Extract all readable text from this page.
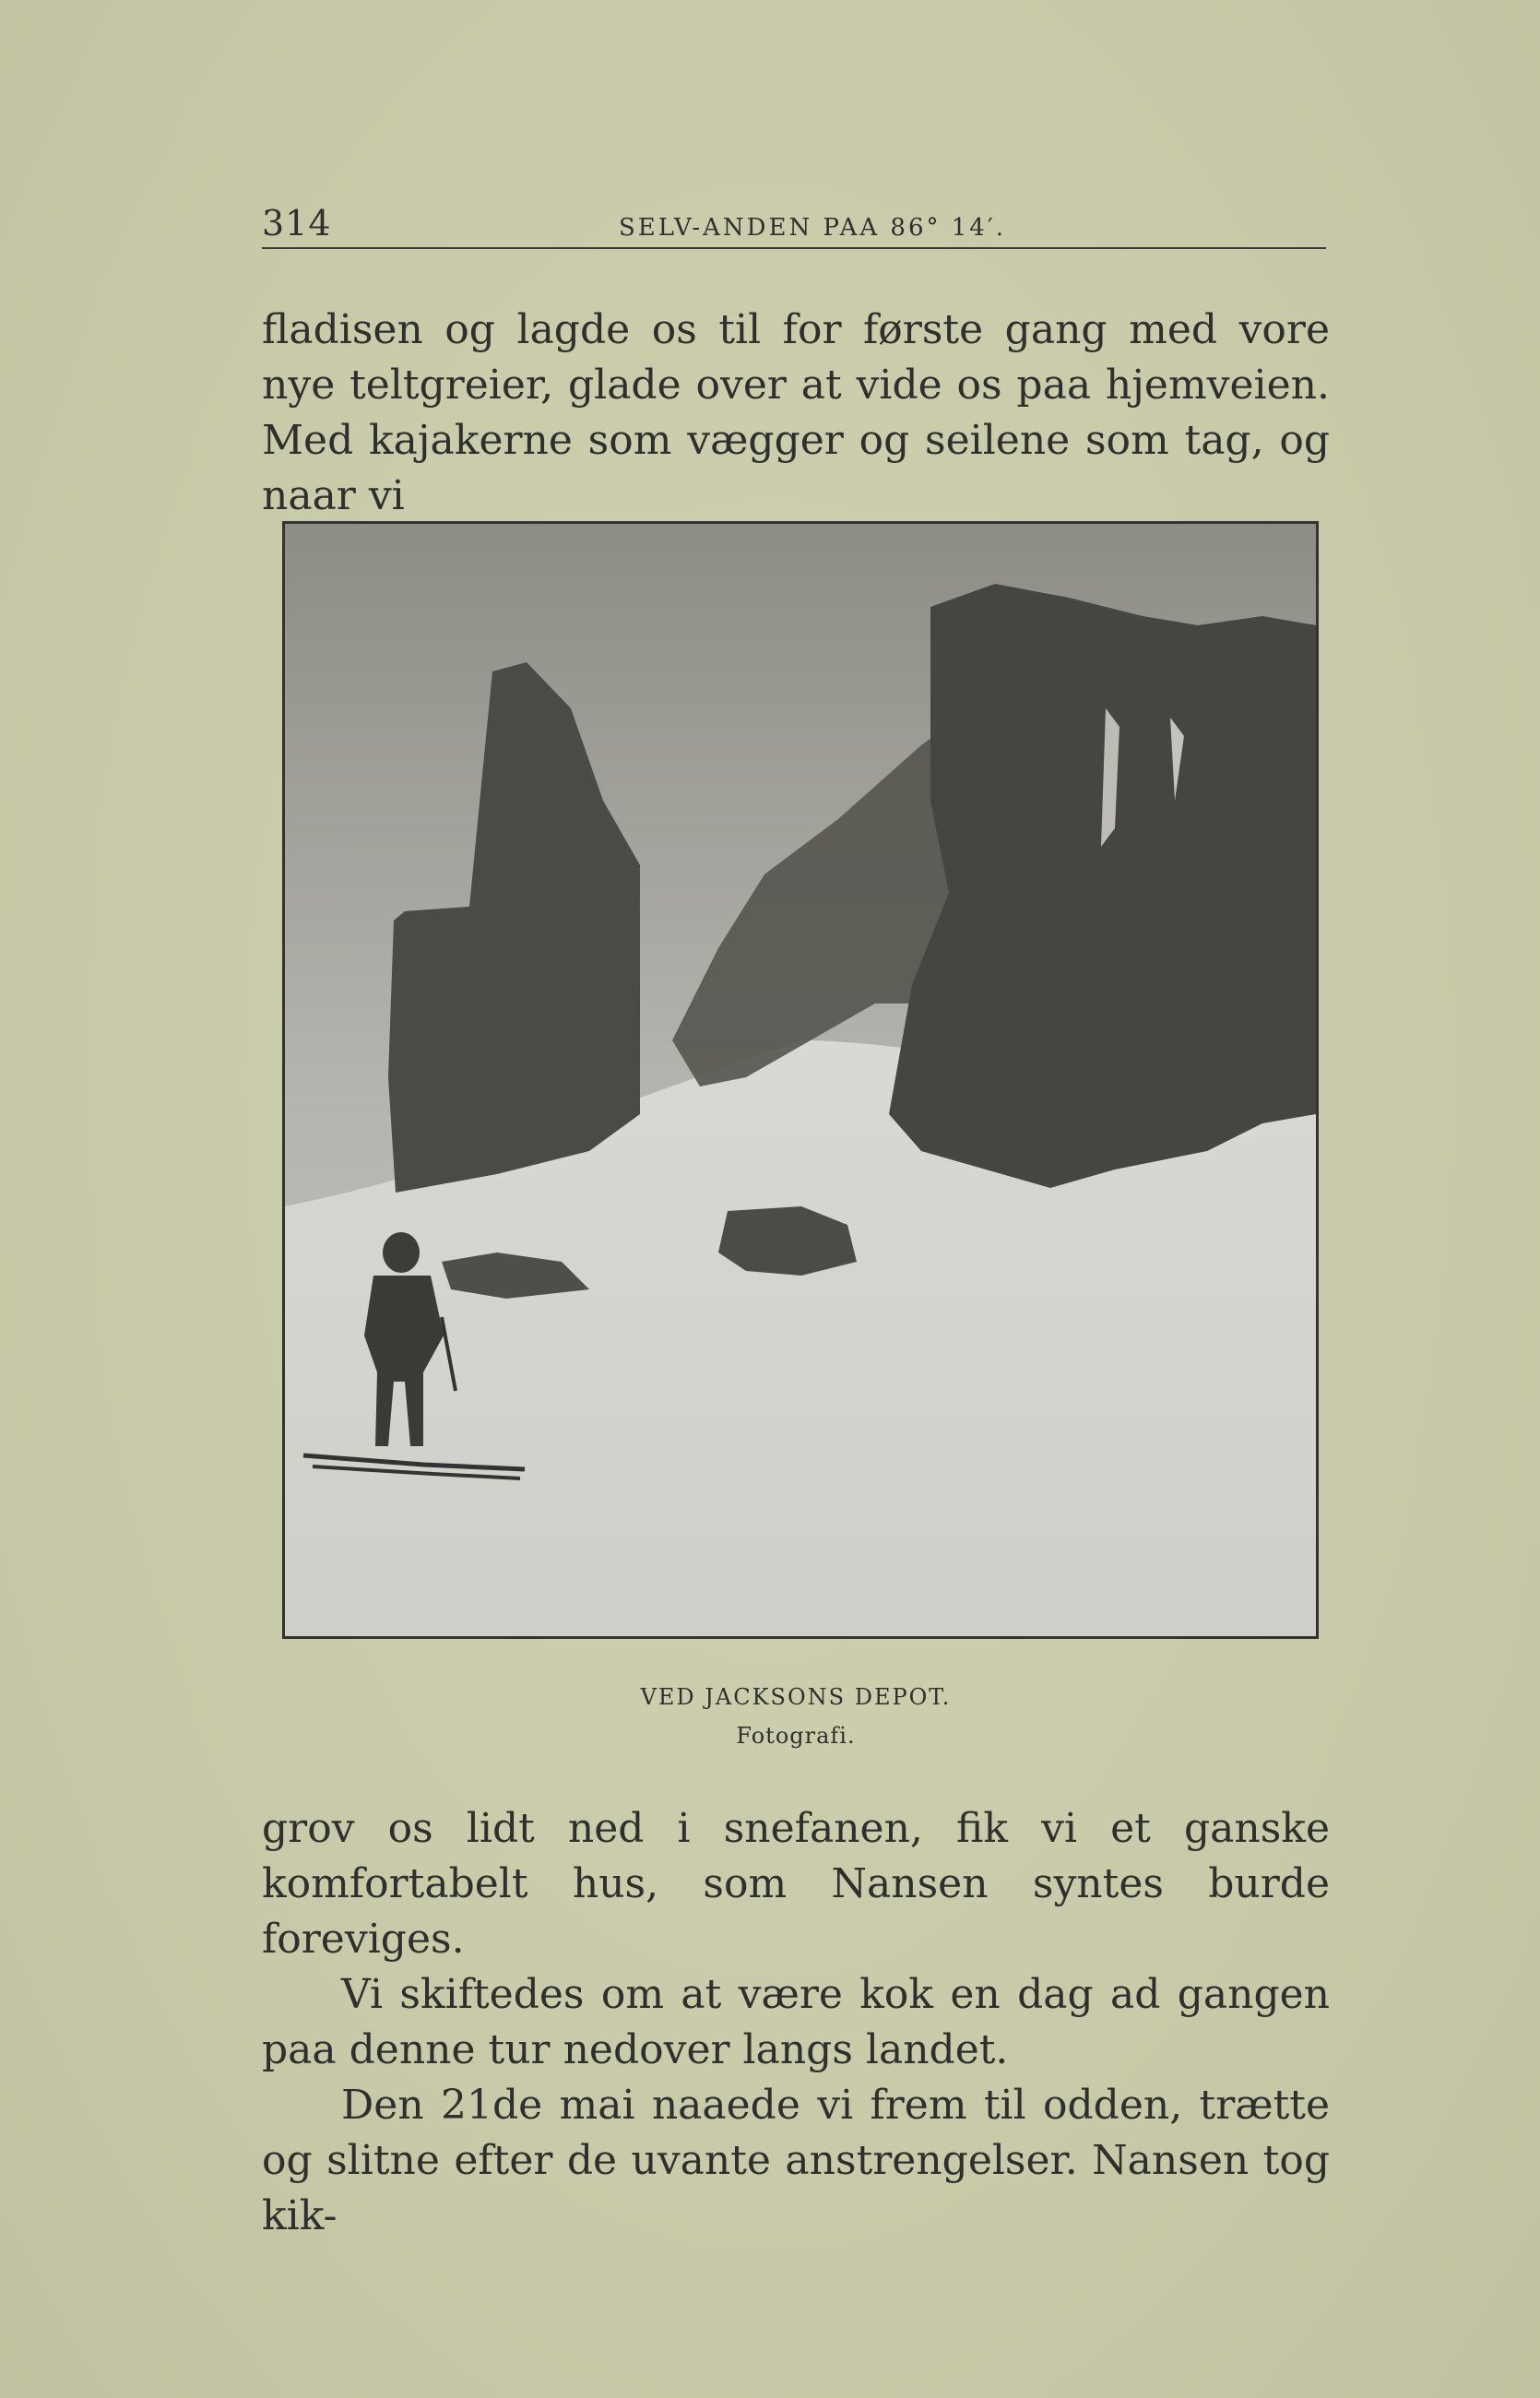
314	SELV-ANDEN PAA 86° 14′.

fladisen og lagde os til for første gang med vore nye teltgreier, glade over at vide os paa hjemveien. Med kajakerne som vægger og seilene som tag, og naar vi

VED JACKSONS DEPOT.
Fotografi.

grov os lidt ned i snefanen, fik vi et ganske komfortabelt hus, som Nansen syntes burde foreviges.

Vi skiftedes om at være kok en dag ad gangen paa denne tur nedover langs landet.

Den 21de mai naaede vi frem til odden, trætte og slitne efter de uvante anstrengelser. Nansen tog kik-
